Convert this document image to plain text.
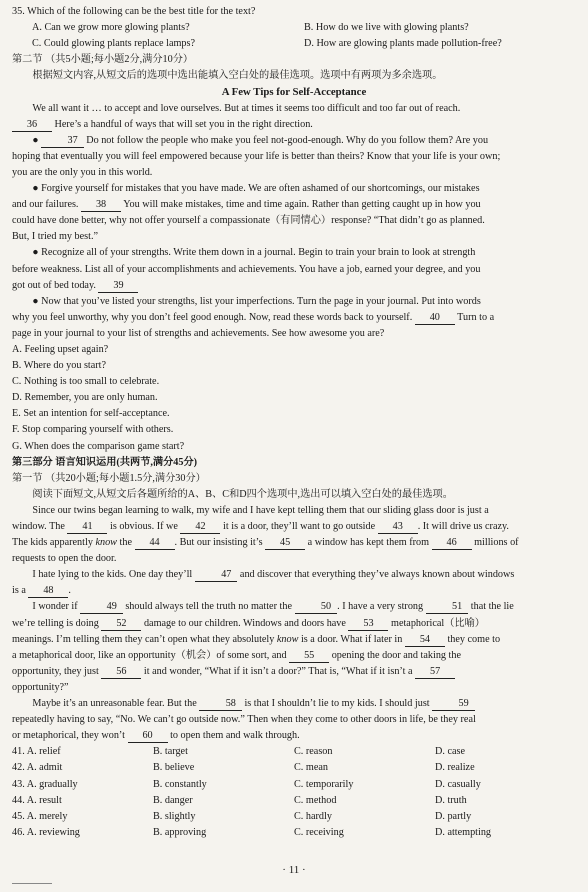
35. Which of the following can be the best title for the text?

A. Can we grow more glowing plants?	B. How do we live with glowing plants?
C. Could glowing plants replace lamps?	D. How are glowing plants made pollution-free?

第二节 （共5小题;每小题2分,满分10分）

根据短文内容,从短文后的选项中选出能填入空白处的最佳选项。选项中有两项为多余选项。

A Few Tips for Self-Acceptance

We all want it … to accept and love ourselves. But at times it seems too difficult and too far out of reach.

36 Here’s a handful of ways that will set you in the right direction.

●	37 Do not follow the people who make you feel not-good-enough. Why do you follow them? Are you

hoping that eventually you will feel empowered because your life is better than theirs? Know that your life is your own;

you are the only you in this world.

● Forgive yourself for mistakes that you have made. We are often ashamed of our shortcomings, our mistakes

and our failures. 38 You will make mistakes, time and time again. Rather than getting caught up in how you

could have done better, why not offer yourself a compassionate（有同情心）response? “That didn’t go as planned.

But, I tried my best.”

● Recognize all of your strengths. Write them down in a journal. Begin to train your brain to look at strength

before weakness. List all of your accomplishments and achievements. You have a job, earned your degree, and you

got out of bed today. 39

● Now that you’ve listed your strengths, list your imperfections. Turn the page in your journal. Put into words

why you feel unworthy, why you don’t feel good enough. Now, read these words back to yourself. 40 Turn to a

page in your journal to your list of strengths and achievements. See how awesome you are?

A. Feeling upset again?

B. Where do you start?

C. Nothing is too small to celebrate.

D. Remember, you are only human.

E. Set an intention for self-acceptance.

F. Stop comparing yourself with others.

G. When does the comparison game start?

第三部分 语言知识运用(共两节,满分45分)

第一节 （共20小题;每小题1.5分,满分30分）

阅读下面短文,从短文后各题所给的A、B、C和D四个选项中,选出可以填入空白处的最佳选项。

Since our twins began learning to walk, my wife and I have kept telling them that our sliding glass door is just a

window. The 41 is obvious. If we 42 it is a door, they’ll want to go outside 43 . It will drive us crazy.

The kids apparently know the 44 . But our insisting it’s 45 a window has kept them from 46 millions of

requests to open the door.

I hate lying to the kids. One day they’ll	47 and discover that everything they’ve always known about windows

is a 48 .

I wonder if	49 should always tell the truth no matter the	50 . I have a very strong	51 that the lie

we’re telling is doing 52 damage to our children. Windows and doors have 53 metaphorical（比喻）

meanings. I’m telling them they can’t open what they absolutely know is a door. What if later in 54 they come to

a metaphorical door, like an opportunity（机会）of some sort, and 55 opening the door and taking the

opportunity, they just 56 it and wonder, “What if it isn’t a door?” That is, “What if it isn’t a 57

opportunity?”

Maybe it’s an unreasonable fear. But the	58 is that I shouldn’t lie to my kids. I should just	59

repeatedly having to say, “No. We can’t go outside now.” Then when they come to other doors in life, be they real

or metaphorical, they won’t 60 to open them and walk through.

41. A. relief	B. target	C. reason	D. case
42. A. admit	B. believe	C. mean	D. realize
43. A. gradually	B. constantly	C. temporarily	D. casually
44. A. result	B. danger	C. method	D. truth
45. A. merely	B. slightly	C. hardly	D. partly
46. A. reviewing	B. approving	C. receiving	D. attempting
· 11 ·
